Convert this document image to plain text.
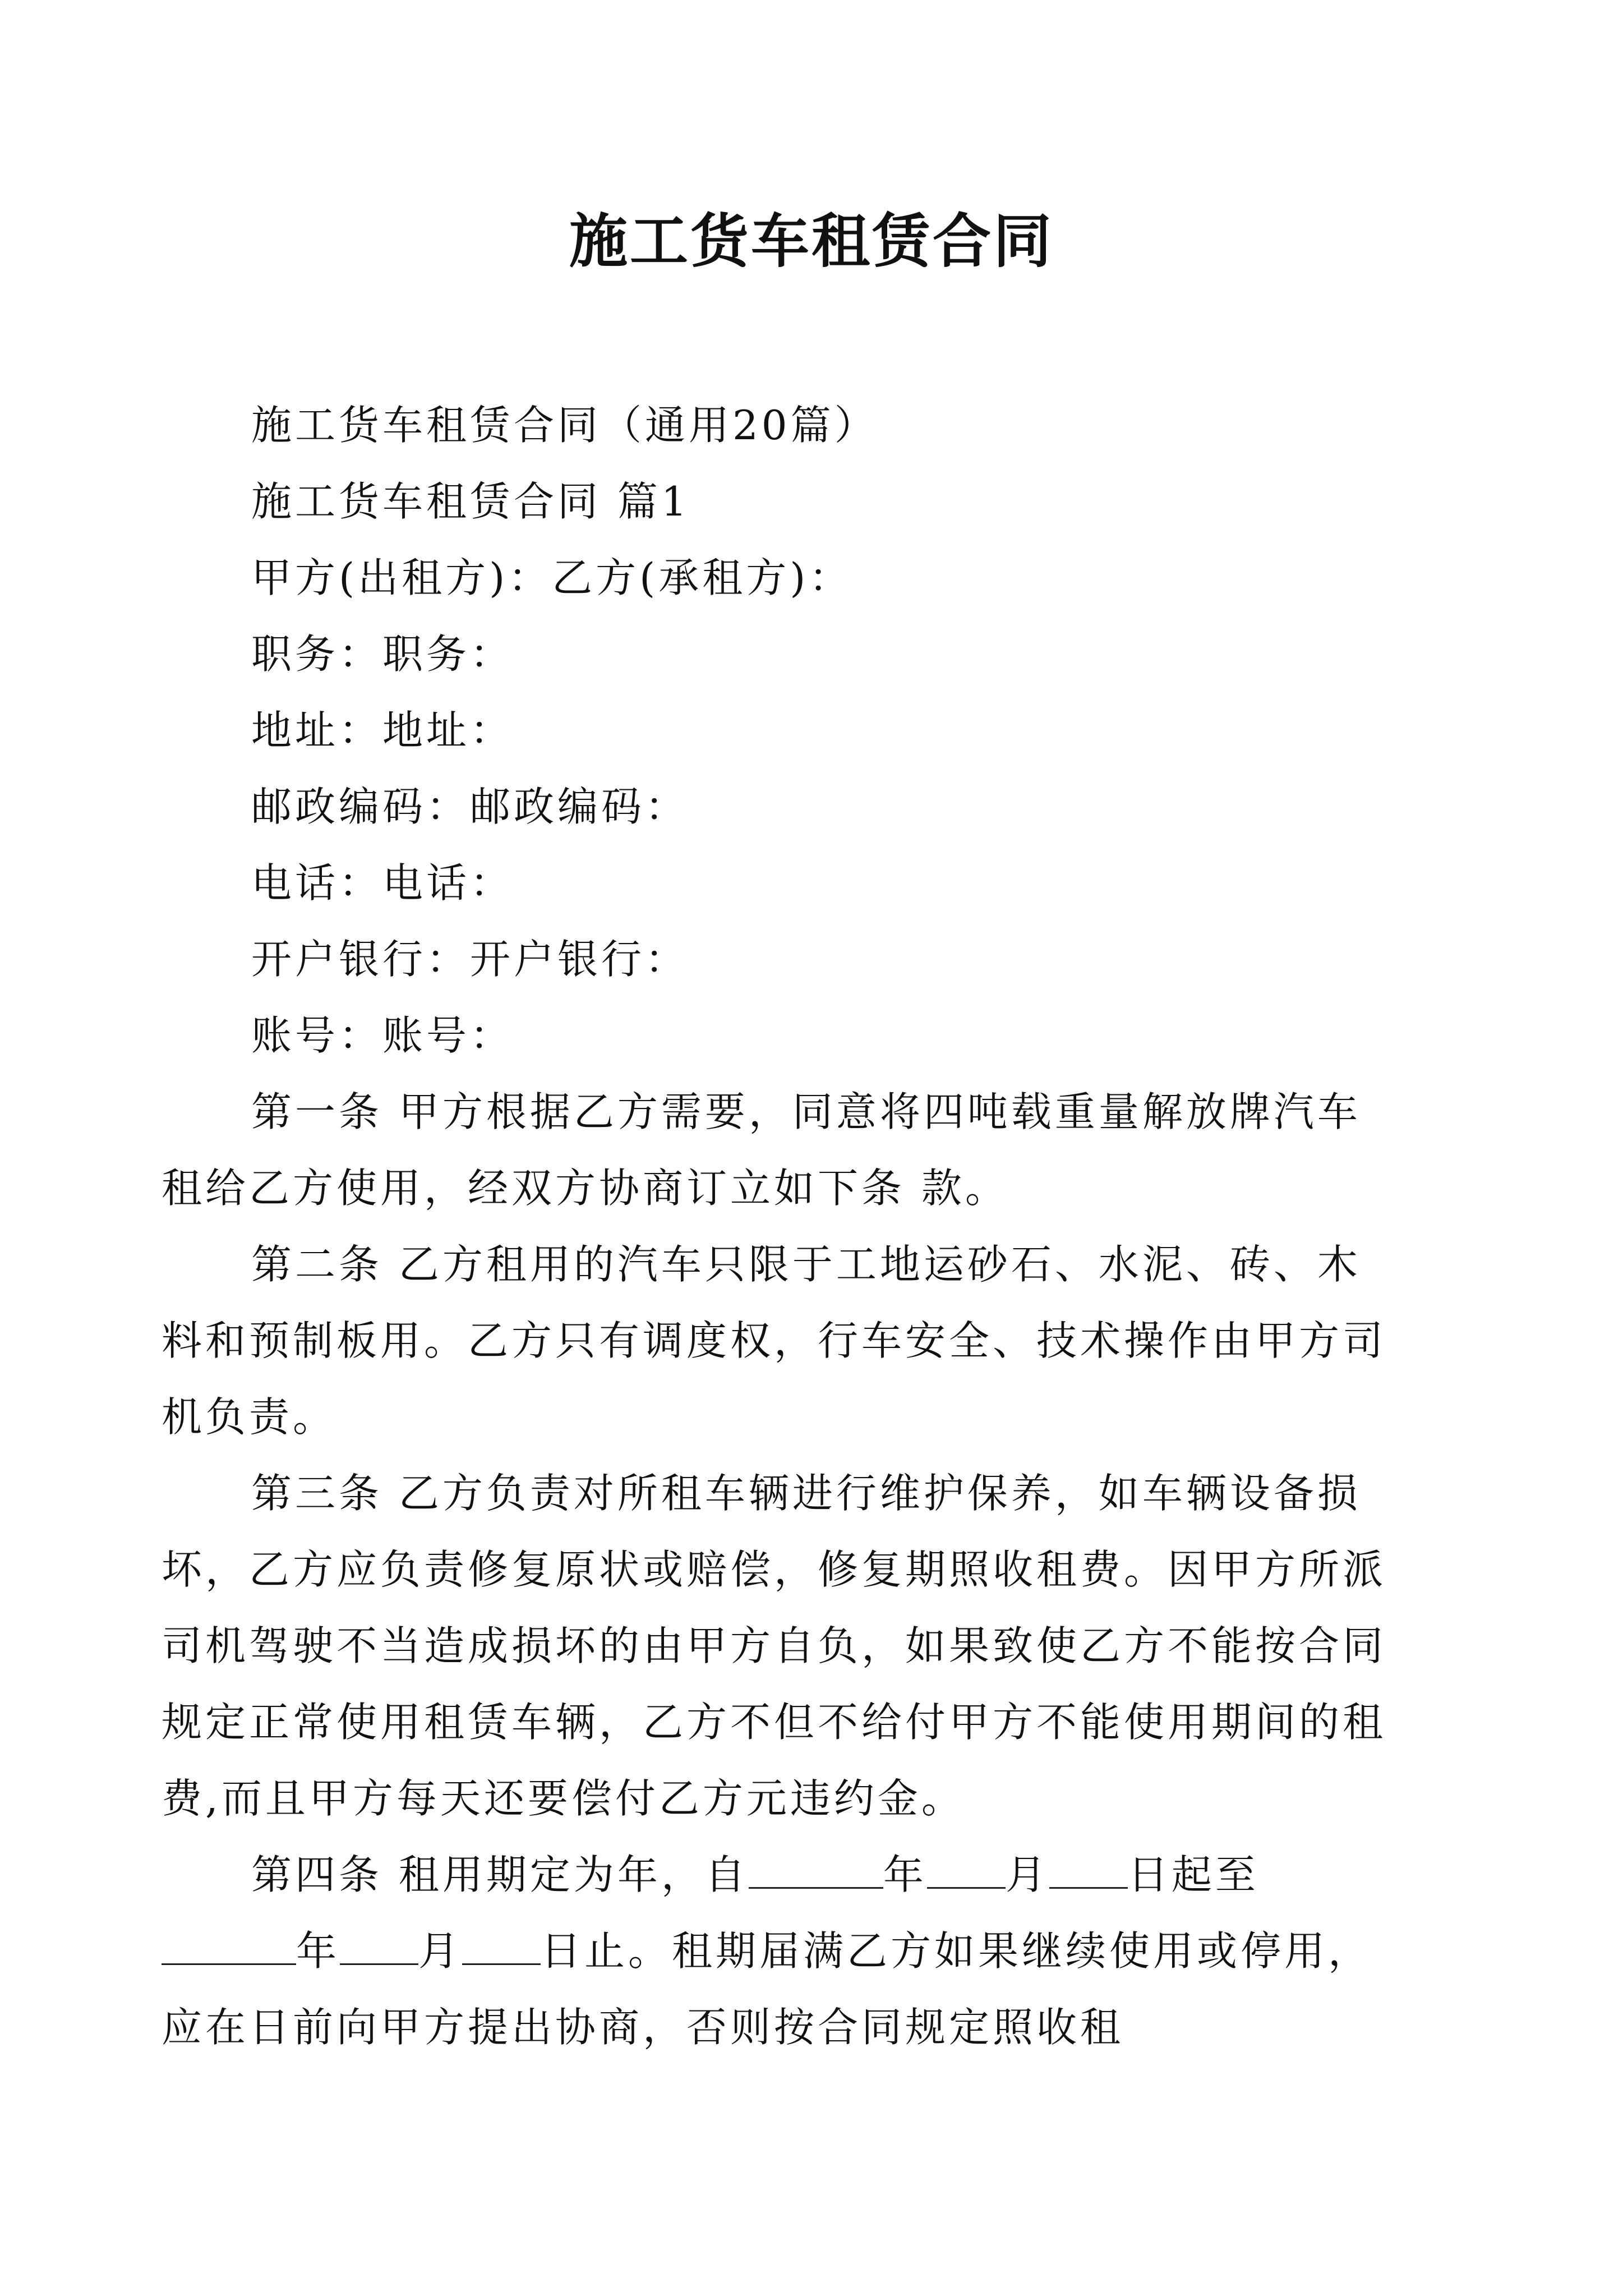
施工货车租赁合同

施工货车租赁合同（通用20篇）

施工货车租赁合同 篇1

甲方(出租方)：乙方(承租方)：

职务：职务：

地址：地址：

邮政编码：邮政编码：

电话：电话：

开户银行：开户银行：

账号：账号：

第一条 甲方根据乙方需要，同意将四吨载重量解放牌汽车租给乙方使用，经双方协商订立如下条 款。

第二条 乙方租用的汽车只限于工地运砂石、水泥、砖、木料和预制板用。乙方只有调度权，行车安全、技术操作由甲方司机负责。

第三条 乙方负责对所租车辆进行维护保养，如车辆设备损坏，乙方应负责修复原状或赔偿，修复期照收租费。因甲方所派司机驾驶不当造成损坏的由甲方自负，如果致使乙方不能按合同规定正常使用租赁车辆，乙方不但不给付甲方不能使用期间的租费,而且甲方每天还要偿付乙方元违约金。

第四条 租用期定为年，自	年 月 日起至年 月 日止。租期届满乙方如果继续使用或停用，应在日前向甲方提出协商，否则按合同规定照收租
